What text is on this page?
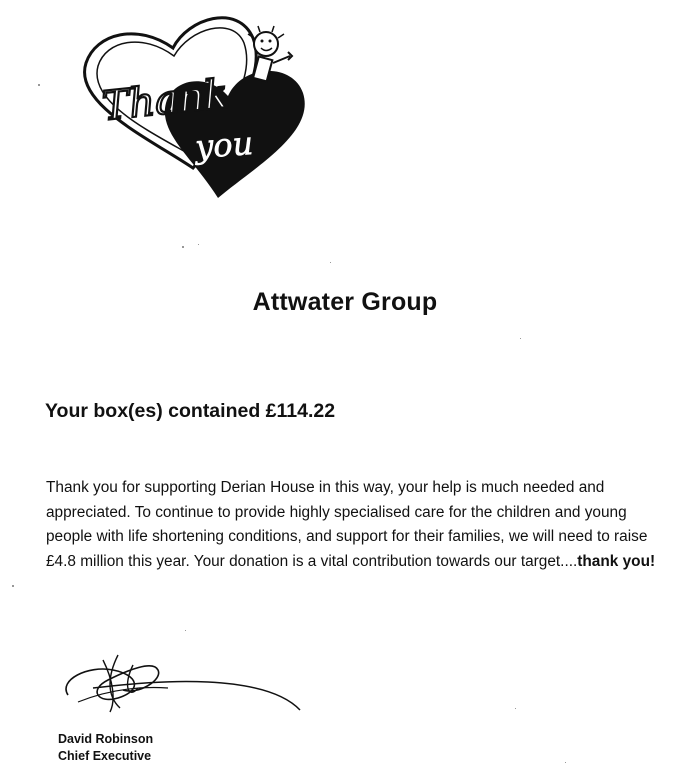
Thank
you
Attwater Group
Your box(es) contained £114.22
Thank you for supporting Derian House in this way, your help is much needed and appreciated. To continue to provide highly specialised care for the children and young people with life shortening conditions, and support for their families, we will need to raise £4.8 million this year. Your donation is a vital contribution towards our target....thank you!
David Robinson
Chief Executive
